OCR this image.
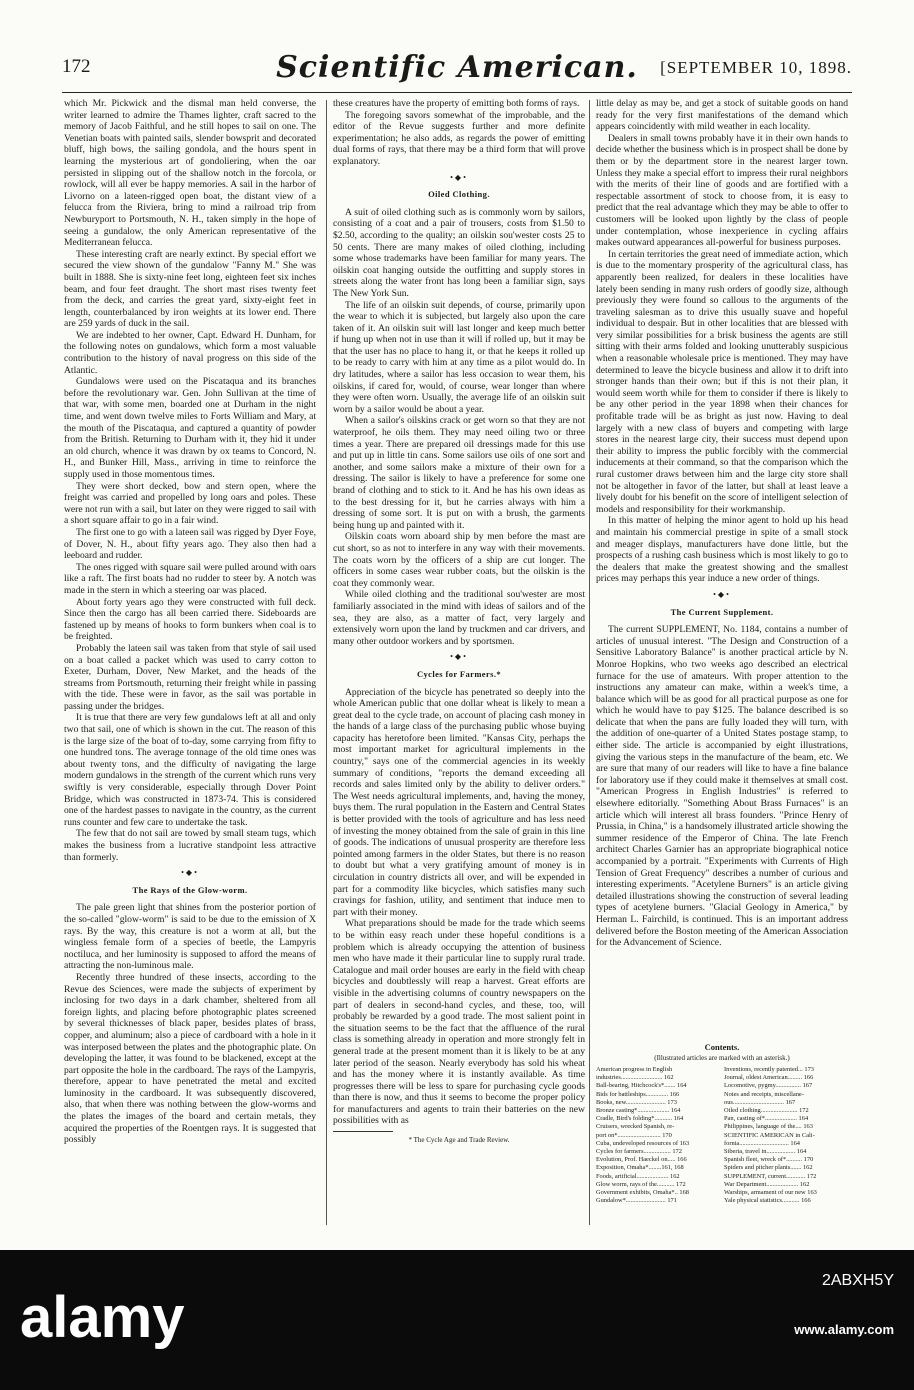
172	Scientific American.	[SEPTEMBER 10, 1898.

which Mr. Pickwick and the dismal man held converse, the writer learned to admire the Thames lighter, craft sacred to the memory of Jacob Faithful, and he still hopes to sail on one. The Venetian boats with painted sails, slender bowsprit and decorated bluff, high bows, the sailing gondola, and the hours spent in learning the mysterious art of gondoliering, when the oar persisted in slipping out of the shallow notch in the forcola, or rowlock, will all ever be happy memories. A sail in the harbor of Livorno on a lateen-rigged open boat, the distant view of a felucca from the Riviera, bring to mind a railroad trip from Newburyport to Portsmouth, N. H., taken simply in the hope of seeing a gundalow, the only American representative of the Mediterranean felucca.

These interesting craft are nearly extinct. By special effort we secured the view shown of the gundalow "Fanny M." She was built in 1888. She is sixty-nine feet long, eighteen feet six inches beam, and four feet draught. The short mast rises twenty feet from the deck, and carries the great yard, sixty-eight feet in length, counterbalanced by iron weights at its lower end. There are 259 yards of duck in the sail.

We are indebted to her owner, Capt. Edward H. Dunham, for the following notes on gundalows, which form a most valuable contribution to the history of naval progress on this side of the Atlantic.

Gundalows were used on the Piscataqua and its branches before the revolutionary war. Gen. John Sullivan at the time of that war, with some men, boarded one at Durham in the night time, and went down twelve miles to Forts William and Mary, at the mouth of the Piscataqua, and captured a quantity of powder from the British. Returning to Durham with it, they hid it under an old church, whence it was drawn by ox teams to Concord, N. H., and Bunker Hill, Mass., arriving in time to reinforce the supply used in those momentous times.

They were short decked, bow and stern open, where the freight was carried and propelled by long oars and poles. These were not run with a sail, but later on they were rigged to sail with a short square affair to go in a fair wind.

The first one to go with a lateen sail was rigged by Dyer Foye, of Dover, N. H., about fifty years ago. They also then had a leeboard and rudder.

The ones rigged with square sail were pulled around with oars like a raft. The first boats had no rudder to steer by. A notch was made in the stern in which a steering oar was placed.

About forty years ago they were constructed with full deck. Since then the cargo has all been carried there. Sideboards are fastened up by means of hooks to form bunkers when coal is to be freighted.

Probably the lateen sail was taken from that style of sail used on a boat called a packet which was used to carry cotton to Exeter, Durham, Dover, New Market, and the heads of the streams from Portsmouth, returning their freight while in passing with the tide. These were in favor, as the sail was portable in passing under the bridges.

It is true that there are very few gundalows left at all and only two that sail, one of which is shown in the cut. The reason of this is the large size of the boat of to-day, some carrying from fifty to one hundred tons. The average tonnage of the old time ones was about twenty tons, and the difficulty of navigating the large modern gundalows in the strength of the current which runs very swiftly is very considerable, especially through Dover Point Bridge, which was constructed in 1873-74. This is considered one of the hardest passes to navigate in the country, as the current runs counter and few care to undertake the task.

The few that do not sail are towed by small steam tugs, which makes the business from a lucrative standpoint less attractive than formerly.

•◆•
The Rays of the Glow-worm.

The pale green light that shines from the posterior portion of the so-called "glow-worm" is said to be due to the emission of X rays. By the way, this creature is not a worm at all, but the wingless female form of a species of beetle, the Lampyris noctiluca, and her luminosity is supposed to afford the means of attracting the non-luminous male.

Recently three hundred of these insects, according to the Revue des Sciences, were made the subjects of experiment by inclosing for two days in a dark chamber, sheltered from all foreign lights, and placing before photographic plates screened by several thicknesses of black paper, besides plates of brass, copper, and aluminum; also a piece of cardboard with a hole in it was interposed between the plates and the photographic plate. On developing the latter, it was found to be blackened, except at the part opposite the hole in the cardboard. The rays of the Lampyris, therefore, appear to have penetrated the metal and excited luminosity in the cardboard. It was subsequently discovered, also, that when there was nothing between the glow-worms and the plates the images of the board and certain metals, they acquired the properties of the Roentgen rays. It is suggested that possibly

these creatures have the property of emitting both forms of rays.

The foregoing savors somewhat of the improbable, and the editor of the Revue suggests further and more definite experimentation; he also adds, as regards the power of emitting dual forms of rays, that there may be a third form that will prove explanatory.

•◆•
Oiled Clothing.

A suit of oiled clothing such as is commonly worn by sailors, consisting of a coat and a pair of trousers, costs from $1.50 to $2.50, according to the quality; an oilskin sou'wester costs 25 to 50 cents. There are many makes of oiled clothing, including some whose trademarks have been familiar for many years. The oilskin coat hanging outside the outfitting and supply stores in streets along the water front has long been a familiar sign, says The New York Sun.

The life of an oilskin suit depends, of course, primarily upon the wear to which it is subjected, but largely also upon the care taken of it. An oilskin suit will last longer and keep much better if hung up when not in use than it will if rolled up, but it may be that the user has no place to hang it, or that he keeps it rolled up to be ready to carry with him at any time as a pilot would do. In dry latitudes, where a sailor has less occasion to wear them, his oilskins, if cared for, would, of course, wear longer than where they were often worn. Usually, the average life of an oilskin suit worn by a sailor would be about a year.

When a sailor's oilskins crack or get worn so that they are not waterproof, he oils them. They may need oiling two or three times a year. There are prepared oil dressings made for this use and put up in little tin cans. Some sailors use oils of one sort and another, and some sailors make a mixture of their own for a dressing. The sailor is likely to have a preference for some one brand of clothing and to stick to it. And he has his own ideas as to the best dressing for it, but he carries always with him a dressing of some sort. It is put on with a brush, the garments being hung up and painted with it.

Oilskin coats worn aboard ship by men before the mast are cut short, so as not to interfere in any way with their movements. The coats worn by the officers of a ship are cut longer. The officers in some cases wear rubber coats, but the oilskin is the coat they commonly wear.

While oiled clothing and the traditional sou'wester are most familiarly associated in the mind with ideas of sailors and of the sea, they are also, as a matter of fact, very largely and extensively worn upon the land by truckmen and car drivers, and many other outdoor workers and by sportsmen.

•◆•
Cycles for Farmers.*

Appreciation of the bicycle has penetrated so deeply into the whole American public that one dollar wheat is likely to mean a great deal to the cycle trade, on account of placing cash money in the hands of a large class of the purchasing public whose buying capacity has heretofore been limited. "Kansas City, perhaps the most important market for agricultural implements in the country," says one of the commercial agencies in its weekly summary of conditions, "reports the demand exceeding all records and sales limited only by the ability to deliver orders." The West needs agricultural implements, and, having the money, buys them. The rural population in the Eastern and Central States is better provided with the tools of agriculture and has less need of investing the money obtained from the sale of grain in this line of goods. The indications of unusual prosperity are therefore less pointed among farmers in the older States, but there is no reason to doubt but what a very gratifying amount of money is in circulation in country districts all over, and will be expended in part for a commodity like bicycles, which satisfies many such cravings for fashion, utility, and sentiment that induce men to part with their money.

What preparations should be made for the trade which seems to be within easy reach under these hopeful conditions is a problem which is already occupying the attention of business men who have made it their particular line to supply rural trade. Catalogue and mail order houses are early in the field with cheap bicycles and doubtlessly will reap a harvest. Great efforts are visible in the advertising columns of country newspapers on the part of dealers in second-hand cycles, and these, too, will probably be rewarded by a good trade. The most salient point in the situation seems to be the fact that the affluence of the rural class is something already in operation and more strongly felt in general trade at the present moment than it is likely to be at any later period of the season. Nearly everybody has sold his wheat and has the money where it is instantly available. As time progresses there will be less to spare for purchasing cycle goods than there is now, and thus it seems to become the proper policy for manufacturers and agents to train their batteries on the new possibilities with as

* The Cycle Age and Trade Review.

little delay as may be, and get a stock of suitable goods on hand ready for the very first manifestations of the demand which appears coincidently with mild weather in each locality.

Dealers in small towns probably have it in their own hands to decide whether the business which is in prospect shall be done by them or by the department store in the nearest larger town. Unless they make a special effort to impress their rural neighbors with the merits of their line of goods and are fortified with a respectable assortment of stock to choose from, it is easy to predict that the real advantage which they may be able to offer to customers will be looked upon lightly by the class of people under contemplation, whose inexperience in cycling affairs makes outward appearances all-powerful for business purposes.

In certain territories the great need of immediate action, which is due to the momentary prosperity of the agricultural class, has apparently been realized, for dealers in these localities have lately been sending in many rush orders of goodly size, although previously they were found so callous to the arguments of the traveling salesman as to drive this usually suave and hopeful individual to despair. But in other localities that are blessed with very similar possibilities for a brisk business the agents are still sitting with their arms folded and looking unutterably suspicious when a reasonable wholesale price is mentioned. They may have determined to leave the bicycle business and allow it to drift into stronger hands than their own; but if this is not their plan, it would seem worth while for them to consider if there is likely to be any other period in the year 1898 when their chances for profitable trade will be as bright as just now. Having to deal largely with a new class of buyers and competing with large stores in the nearest large city, their success must depend upon their ability to impress the public forcibly with the commercial inducements at their command, so that the comparison which the rural customer draws between him and the large city store shall not be altogether in favor of the latter, but shall at least leave a lively doubt for his benefit on the score of intelligent selection of models and responsibility for their workmanship.

In this matter of helping the minor agent to hold up his head and maintain his commercial prestige in spite of a small stock and meager displays, manufacturers have done little, but the prospects of a rushing cash business which is most likely to go to the dealers that make the greatest showing and the smallest prices may perhaps this year induce a new order of things.

•◆•
The Current Supplement.

The current SUPPLEMENT, No. 1184, contains a number of articles of unusual interest. "The Design and Construction of a Sensitive Laboratory Balance" is another practical article by N. Monroe Hopkins, who two weeks ago described an electrical furnace for the use of amateurs. With proper attention to the instructions any amateur can make, within a week's time, a balance which will be as good for all practical purpose as one for which he would have to pay $125. The balance described is so delicate that when the pans are fully loaded they will turn, with the addition of one-quarter of a United States postage stamp, to either side. The article is accompanied by eight illustrations, giving the various steps in the manufacture of the beam, etc. We are sure that many of our readers will like to have a fine balance for laboratory use if they could make it themselves at small cost. "American Progress in English Industries" is referred to elsewhere editorially. "Something About Brass Furnaces" is an article which will interest all brass founders. "Prince Henry of Prussia, in China," is a handsomely illustrated article showing the summer residence of the Emperor of China. The late French architect Charles Garnier has an appropriate biographical notice accompanied by a portrait. "Experiments with Currents of High Tension of Great Frequency" describes a number of curious and interesting experiments. "Acetylene Burners" is an article giving detailed illustrations showing the construction of several leading types of acetylene burners. "Glacial Geology in America," by Herman L. Fairchild, is continued. This is an important address delivered before the Boston meeting of the American Association for the Advancement of Science.

Contents.
(Illustrated articles are marked with an asterisk.)
American progress in English
industries.......................... 162
Ball-bearing, Hitchcock's*....... 164
Bids for battleships.............. 166
Books, new......................... 173
Bronze casting*.................... 164
Cradle, Bird's folding*........... 164
Cruisers, wrecked Spanish, re-
port on*........................... 170
Cuba, undeveloped resources of 163
Cycles for farmers................. 172
Evolution, Prof. Haeckel on..... 166
Exposition, Omaha*........161, 168
Foods, artificial.................... 162
Glow worm, rays of the........... 172
Government exhibits, Omaha*.. 168
Gundalow*......................... 171
Inventions, recently patented... 173
Journal, oldest American......... 166
Locomotive, pygmy................ 167
Notes and receipts, miscellane-
ous................................ 167
Oiled clothing....................... 172
Pan, casting of*.................... 164
Philippines, language of the.... 163
SCIENTIFIC AMERICAN in Cali-
fornia............................... 164
Siberia, travel in.................. 164
Spanish fleet, wreck of*.......... 170
Spiders and pitcher plants....... 162
SUPPLEMENT, current............ 172
War Department.................... 162
Warships, armament of our new 163
Yale physical statistics........... 166
alamy
2ABXH5Y
www.alamy.com
